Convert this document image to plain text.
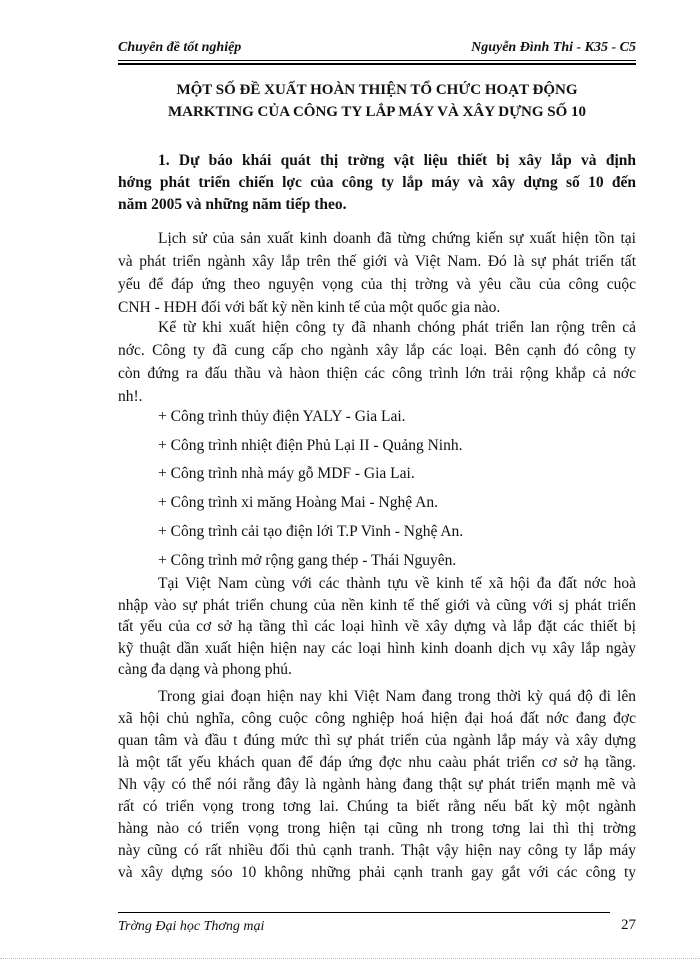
Chuyên đề tốt nghiệp	Nguyễn Đình Thi - K35 - C5
MỘT SỐ ĐỀ XUẤT HOÀN THIỆN TỔ CHỨC HOẠT ĐỘNG
MARKTING CỦA CÔNG TY LẮP MÁY VÀ XÂY DỰNG SỐ 10
1. Dự báo khái quát thị trờng vật liệu thiết bị xây lắp và định
hớng phát triển chiến lợc của công ty lắp máy và xây dựng số 10 đến
năm 2005 và những năm tiếp theo.
Lịch sử của sản xuất kinh doanh đã từng chứng kiến sự xuất hiện tồn tại
và phát triển ngành xây lắp trên thế giới và Việt Nam. Đó là sự phát triển tất
yếu để đáp ứng theo nguyện vọng của thị trờng và yêu cầu của công cuộc
CNH - HĐH đối với bất kỳ nền kinh tế của một quốc gia nào.
Kể từ khi xuất hiện công ty đã nhanh chóng phát triển lan rộng trên cả
nớc. Công ty đã cung cấp cho ngành xây lắp các loại. Bên cạnh đó công ty
còn đứng ra đấu thầu và hàon thiện các công trình lớn trải rộng khắp cả nớc
nh!.
+ Công trình thủy điện YALY - Gia Lai.
+ Công trình nhiệt điện Phủ Lại II - Quảng Ninh.
+ Công trình nhà máy gỗ MDF - Gia Lai.
+ Công trình xi măng Hoàng Mai - Nghệ An.
+ Công trình cải tạo điện lới T.P Vinh - Nghệ An.
+ Công trình mở rộng gang thép - Thái Nguyên.
Tại Việt Nam cùng với các thành tựu về kinh tế xã hội đa đất nớc hoà
nhập vào sự phát triển chung của nền kinh tế thế giới và cũng với sj phát triển
tất yếu của cơ sở hạ tầng thì các loại hình về xây dựng và lắp đặt các thiết bị
kỹ thuật dần xuất hiện hiện nay các loại hình kinh doanh dịch vụ xây lắp ngày
càng đa dạng và phong phú.
Trong giai đoạn hiện nay khi Việt Nam đang trong thời kỳ quá độ đi lên
xã hội chủ nghĩa, công cuộc công nghiệp hoá hiện đại hoá đất nớc đang đợc
quan tâm và đầu t đúng mức thì sự phát triển của ngành lắp máy và xây dựng
là một tất yếu khách quan để đáp ứng đợc nhu caàu phát triển cơ sở hạ tầng.
Nh vậy có thể nói rằng đây là ngành hàng đang thật sự phát triển mạnh mẽ và
rất có triển vọng trong tơng lai. Chúng ta biết rằng nếu bất kỳ một ngành
hàng nào có triển vọng trong hiện tại cũng nh trong tơng lai thì thị trờng
này cũng có rất nhiều đối thủ cạnh tranh. Thật vậy hiện nay công ty lắp máy
và xây dựng sóo 10 không những phải cạnh tranh gay gắt với các công ty
Trờng Đại học Thơng mại	27
